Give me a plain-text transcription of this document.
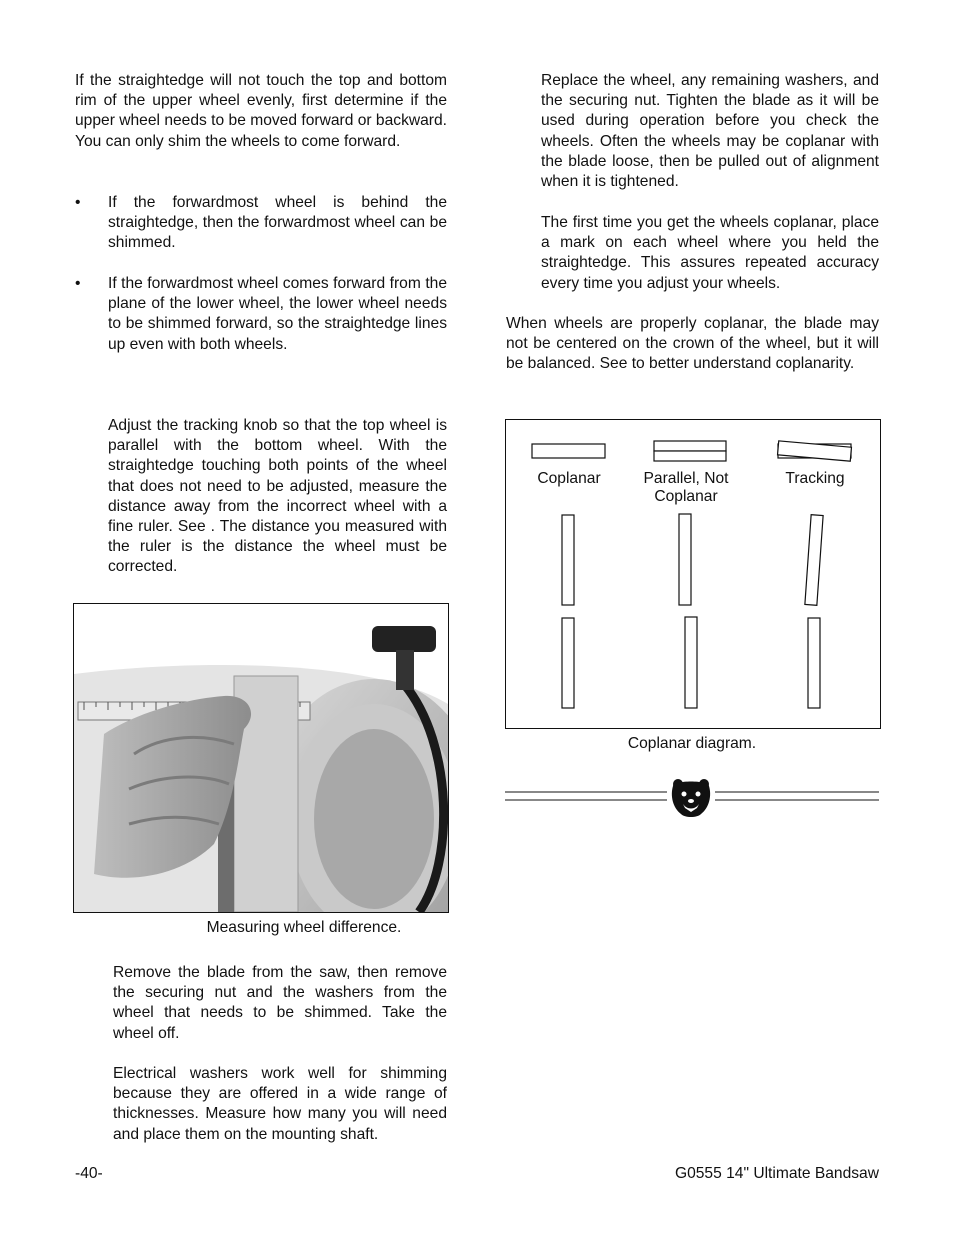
If the straightedge will not touch the top and bottom rim of the upper wheel evenly, first determine if the upper wheel needs to be moved forward or backward. You can only shim the wheels to come forward.

• If the forwardmost wheel is behind the straightedge, then the forwardmost wheel can be shimmed.

• If the forwardmost wheel comes forward from the plane of the lower wheel, the lower wheel needs to be shimmed forward, so the straightedge lines up even with both wheels.

Adjust the tracking knob so that the top wheel is parallel with the bottom wheel. With the straightedge touching both points of the wheel that does not need to be adjusted, measure the distance away from the incorrect wheel with a fine ruler. See . The distance you measured with the ruler is the distance the wheel must be corrected.

Measuring wheel difference.

Remove the blade from the saw, then remove the securing nut and the washers from the wheel that needs to be shimmed. Take the wheel off.

Electrical washers work well for shimming because they are offered in a wide range of thicknesses. Measure how many you will need and place them on the mounting shaft.

Replace the wheel, any remaining washers, and the securing nut. Tighten the blade as it will be used during operation before you check the wheels. Often the wheels may be coplanar with the blade loose, then be pulled out of alignment when it is tightened.

The first time you get the wheels coplanar, place a mark on each wheel where you held the straightedge. This assures repeated accuracy every time you adjust your wheels.

When wheels are properly coplanar, the blade may not be centered on the crown of the wheel, but it will be balanced. See to better understand coplanarity.

Coplanar	Parallel, Not
Coplanar
Tracking
Coplanar diagram.
-40-	G0555 14" Ultimate Bandsaw
